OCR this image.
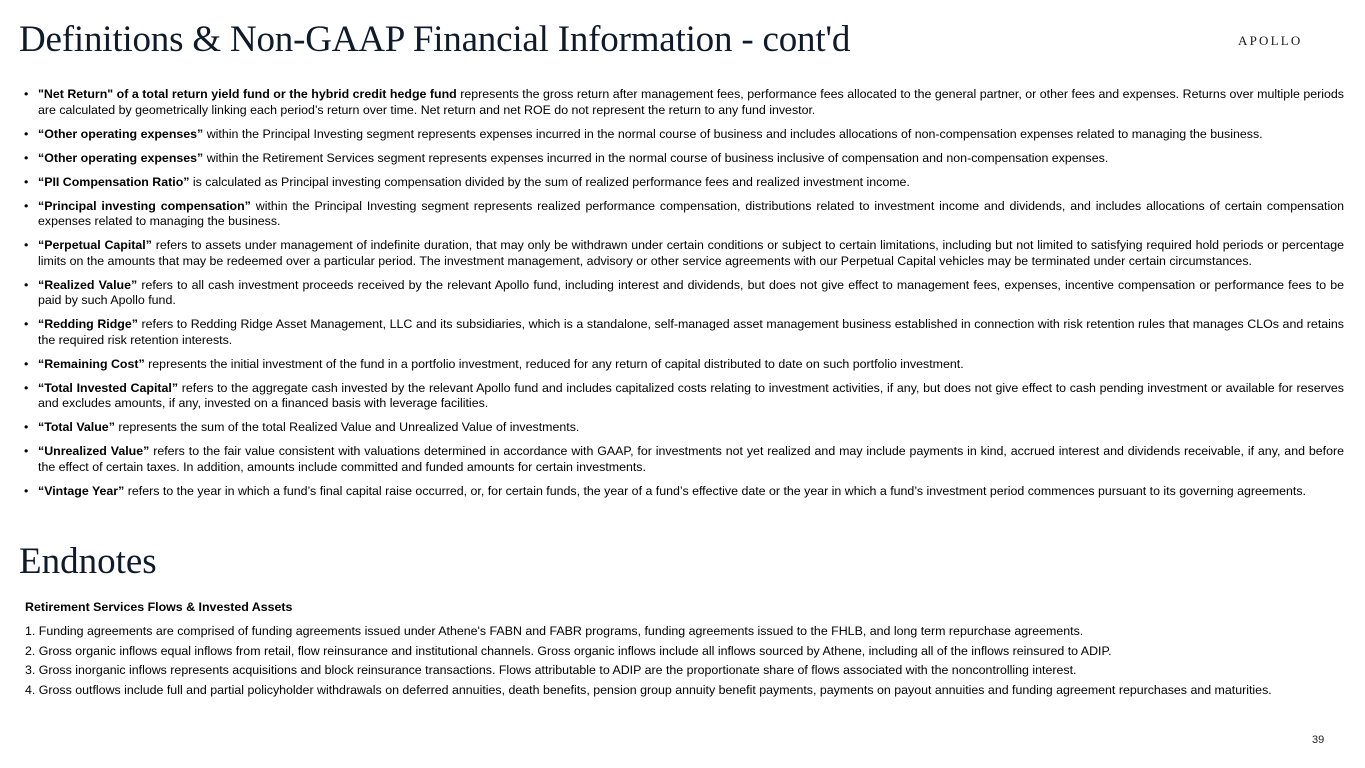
Definitions & Non-GAAP Financial Information - cont'd	APOLLO
• "Net Return" of a total return yield fund or the hybrid credit hedge fund represents the gross return after management fees, performance fees allocated to the general partner, or other fees and expenses. Returns over multiple periods are calculated by geometrically linking each period’s return over time. Net return and net ROE do not represent the return to any fund investor.
• “Other operating expenses” within the Principal Investing segment represents expenses incurred in the normal course of business and includes allocations of non-compensation expenses related to managing the business.
• “Other operating expenses” within the Retirement Services segment represents expenses incurred in the normal course of business inclusive of compensation and non-compensation expenses.
• “PII Compensation Ratio” is calculated as Principal investing compensation divided by the sum of realized performance fees and realized investment income.
• “Principal investing compensation” within the Principal Investing segment represents realized performance compensation, distributions related to investment income and dividends, and includes allocations of certain compensation expenses related to managing the business.
• “Perpetual Capital” refers to assets under management of indefinite duration, that may only be withdrawn under certain conditions or subject to certain limitations, including but not limited to satisfying required hold periods or percentage limits on the amounts that may be redeemed over a particular period. The investment management, advisory or other service agreements with our Perpetual Capital vehicles may be terminated under certain circumstances.
• “Realized Value” refers to all cash investment proceeds received by the relevant Apollo fund, including interest and dividends, but does not give effect to management fees, expenses, incentive compensation or performance fees to be paid by such Apollo fund.
• “Redding Ridge” refers to Redding Ridge Asset Management, LLC and its subsidiaries, which is a standalone, self-managed asset management business established in connection with risk retention rules that manages CLOs and retains the required risk retention interests.
• “Remaining Cost” represents the initial investment of the fund in a portfolio investment, reduced for any return of capital distributed to date on such portfolio investment.
• “Total Invested Capital” refers to the aggregate cash invested by the relevant Apollo fund and includes capitalized costs relating to investment activities, if any, but does not give effect to cash pending investment or available for reserves and excludes amounts, if any, invested on a financed basis with leverage facilities.
• “Total Value” represents the sum of the total Realized Value and Unrealized Value of investments.
• “Unrealized Value” refers to the fair value consistent with valuations determined in accordance with GAAP, for investments not yet realized and may include payments in kind, accrued interest and dividends receivable, if any, and before the effect of certain taxes. In addition, amounts include committed and funded amounts for certain investments.
• “Vintage Year” refers to the year in which a fund’s final capital raise occurred, or, for certain funds, the year of a fund’s effective date or the year in which a fund’s investment period commences pursuant to its governing agreements.
Endnotes
Retirement Services Flows & Invested Assets
1. Funding agreements are comprised of funding agreements issued under Athene's FABN and FABR programs, funding agreements issued to the FHLB, and long term repurchase agreements.
2. Gross organic inflows equal inflows from retail, flow reinsurance and institutional channels. Gross organic inflows include all inflows sourced by Athene, including all of the inflows reinsured to ADIP.
3. Gross inorganic inflows represents acquisitions and block reinsurance transactions. Flows attributable to ADIP are the proportionate share of flows associated with the noncontrolling interest.
4. Gross outflows include full and partial policyholder withdrawals on deferred annuities, death benefits, pension group annuity benefit payments, payments on payout annuities and funding agreement repurchases and maturities.
39
